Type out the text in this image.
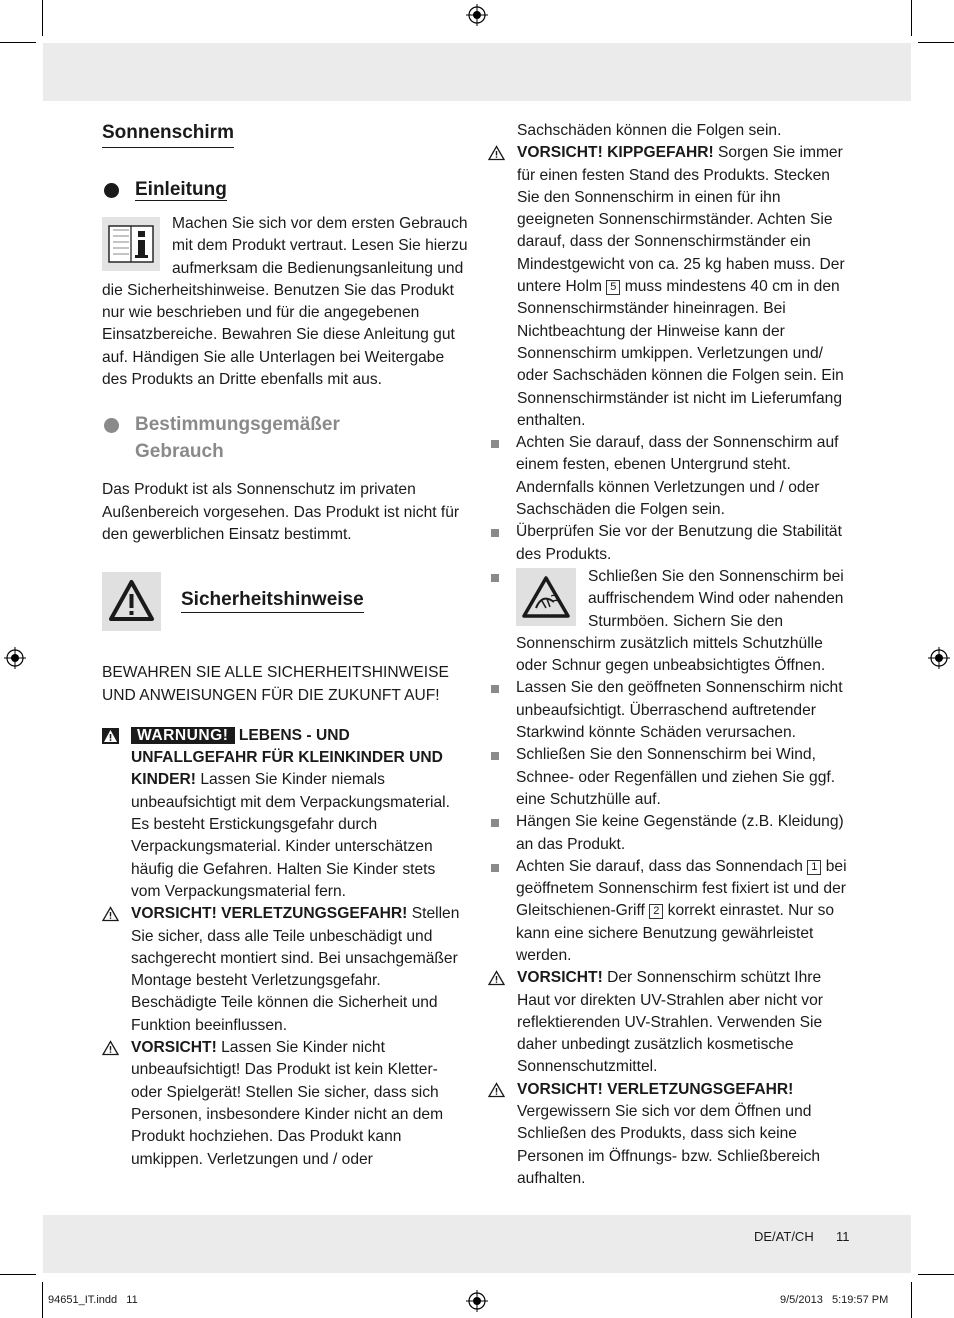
Sonnenschirm
Einleitung

Machen Sie sich vor dem ersten Gebrauch mit dem Produkt vertraut. Lesen Sie hierzu aufmerksam die Bedienungsanleitung und die Sicherheitshinweise. Benutzen Sie das Produkt nur wie beschrieben und für die angegebenen Einsatzbereiche. Bewahren Sie diese Anleitung gut auf. Händigen Sie alle Unterlagen bei Weitergabe des Produkts an Dritte ebenfalls mit aus.

Bestimmungsgemäßer
Gebrauch

Das Produkt ist als Sonnenschutz im privaten Außenbereich vorgesehen. Das Produkt ist nicht für den gewerblichen Einsatz bestimmt.

Sicherheitshinweise

BEWAHREN SIE ALLE SICHERHEITSHINWEISE UND ANWEISUNGEN FÜR DIE ZUKUNFT AUF!

WARNUNG! LEBENS - UND UNFALLGEFAHR FÜR KLEINKINDER UND KINDER! Lassen Sie Kinder niemals unbeaufsichtigt mit dem Verpackungsmaterial. Es besteht Erstickungsgefahr durch Verpackungsmaterial. Kinder unterschätzen häufig die Gefahren. Halten Sie Kinder stets vom Verpackungsmaterial fern.
VORSICHT! VERLETZUNGSGEFAHR! Stellen Sie sicher, dass alle Teile unbeschädigt und sachgerecht montiert sind. Bei unsachgemäßer Montage besteht Verletzungsgefahr. Beschädigte Teile können die Sicherheit und Funktion beeinflussen.
VORSICHT! Lassen Sie Kinder nicht unbeaufsichtigt! Das Produkt ist kein Kletter- oder Spielgerät! Stellen Sie sicher, dass sich Personen, insbesondere Kinder nicht an dem Produkt hochziehen. Das Produkt kann umkippen. Verletzungen und / oder

Sachschäden können die Folgen sein.

VORSICHT! KIPPGEFAHR! Sorgen Sie immer für einen festen Stand des Produkts. Stecken Sie den Sonnenschirm in einen für ihn geeigneten Sonnenschirmständer. Achten Sie darauf, dass der Sonnenschirmständer ein Mindestgewicht von ca. 25 kg haben muss. Der untere Holm 5 muss mindestens 40 cm in den Sonnenschirmständer hineinragen. Bei Nichtbeachtung der Hinweise kann der Sonnenschirm umkippen. Verletzungen und/ oder Sachschäden können die Folgen sein. Ein Sonnenschirmständer ist nicht im Lieferumfang enthalten.
Achten Sie darauf, dass der Sonnenschirm auf einem festen, ebenen Untergrund steht. Andernfalls können Verletzungen und / oder Sachschäden die Folgen sein.
Überprüfen Sie vor der Benutzung die Stabilität des Produkts.
Schließen Sie den Sonnenschirm bei auffrischendem Wind oder nahenden Sturmböen. Sichern Sie den Sonnenschirm zusätzlich mittels Schutzhülle oder Schnur gegen unbeabsichtigtes Öffnen.
Lassen Sie den geöffneten Sonnenschirm nicht unbeaufsichtigt. Überraschend auftretender Starkwind könnte Schäden verursachen.
Schließen Sie den Sonnenschirm bei Wind, Schnee- oder Regenfällen und ziehen Sie ggf. eine Schutzhülle auf.
Hängen Sie keine Gegenstände (z.B. Kleidung) an das Produkt.
Achten Sie darauf, dass das Sonnendach 1 bei geöffnetem Sonnenschirm fest fixiert ist und der Gleitschienen-Griff 2 korrekt einrastet. Nur so kann eine sichere Benutzung gewährleistet werden.
VORSICHT! Der Sonnenschirm schützt Ihre Haut vor direkten UV-Strahlen aber nicht vor reflektierenden UV-Strahlen. Verwenden Sie daher unbedingt zusätzlich kosmetische Sonnenschutzmittel.
VORSICHT! VERLETZUNGSGEFAHR! Vergewissern Sie sich vor dem Öffnen und Schließen des Produkts, dass sich keine Personen im Öffnungs- bzw. Schließbereich aufhalten.
DE/AT/CH 11
94651_IT.indd   11	9/5/2013   5:19:57 PM
